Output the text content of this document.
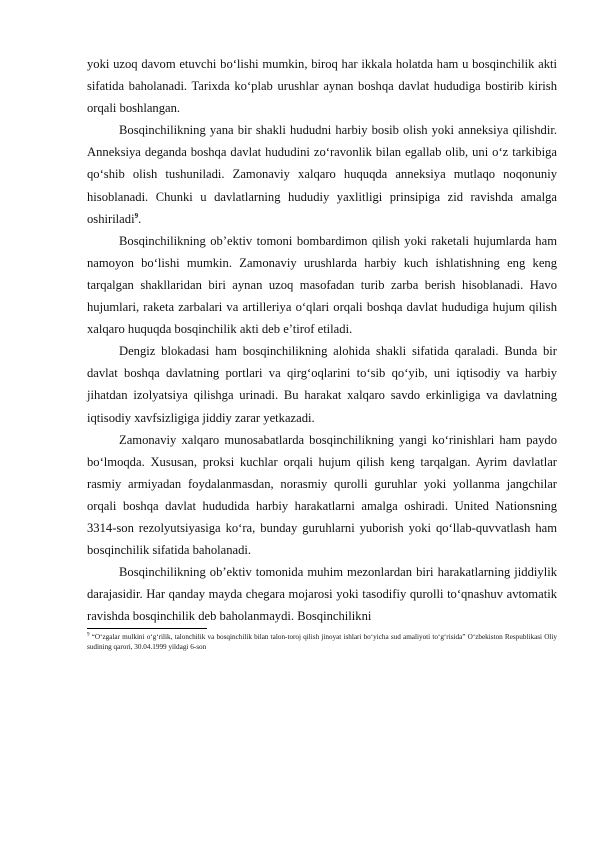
yoki uzoq davom etuvchi bo‘lishi mumkin, biroq har ikkala holatda ham u bosqinchilik akti sifatida baholanadi. Tarixda ko‘plab urushlar aynan boshqa davlat hududiga bostirib kirish orqali boshlangan.

Bosqinchilikning yana bir shakli hududni harbiy bosib olish yoki anneksiya qilishdir. Anneksiya deganda boshqa davlat hududini zo‘ravonlik bilan egallab olib, uni o‘z tarkibiga qo‘shib olish tushuniladi. Zamonaviy xalqaro huquqda anneksiya mutlaqo noqonuniy hisoblanadi. Chunki u davlatlarning hududiy yaxlitligi prinsipiga zid ravishda amalga oshiriladi$^9$.

Bosqinchilikning ob’ektiv tomoni bombardimon qilish yoki raketali hujumlarda ham namoyon bo‘lishi mumkin. Zamonaviy urushlarda harbiy kuch ishlatishning eng keng tarqalgan shakllaridan biri aynan uzoq masofadan turib zarba berish hisoblanadi. Havo hujumlari, raketa zarbalari va artilleriya o‘qlari orqali boshqa davlat hududiga hujum qilish xalqaro huquqda bosqinchilik akti deb e’tirof etiladi.

Dengiz blokadasi ham bosqinchilikning alohida shakli sifatida qaraladi. Bunda bir davlat boshqa davlatning portlari va qirg‘oqlarini to‘sib qo‘yib, uni iqtisodiy va harbiy jihatdan izolyatsiya qilishga urinadi. Bu harakat xalqaro savdo erkinligiga va davlatning iqtisodiy xavfsizligiga jiddiy zarar yetkazadi.

Zamonaviy xalqaro munosabatlarda bosqinchilikning yangi ko‘rinishlari ham paydo bo‘lmoqda. Xususan, proksi kuchlar orqali hujum qilish keng tarqalgan. Ayrim davlatlar rasmiy armiyadan foydalanmasdan, norasmiy qurolli guruhlar yoki yollanma jangchilar orqali boshqa davlat hududida harbiy harakatlarni amalga oshiradi. United Nationsning 3314-son rezolyutsiyasiga ko‘ra, bunday guruhlarni yuborish yoki qo‘llab-quvvatlash ham bosqinchilik sifatida baholanadi.

Bosqinchilikning ob’ektiv tomonida muhim mezonlardan biri harakatlarning jiddiylik darajasidir. Har qanday mayda chegara mojarosi yoki tasodifiy qurolli to‘qnashuv avtomatik ravishda bosqinchilik deb baholanmaydi. Bosqinchilikni

$^9$ “O‘zgalar mulkini o‘g‘rilik, talonchilik va bosqinchilik bilan talon-toroj qilish jinoyat ishlari bo‘yicha sud amaliyoti to‘g‘risida” O‘zbekiston Respublikasi Oliy sudining qarori, 30.04.1999 yildagi 6-son
